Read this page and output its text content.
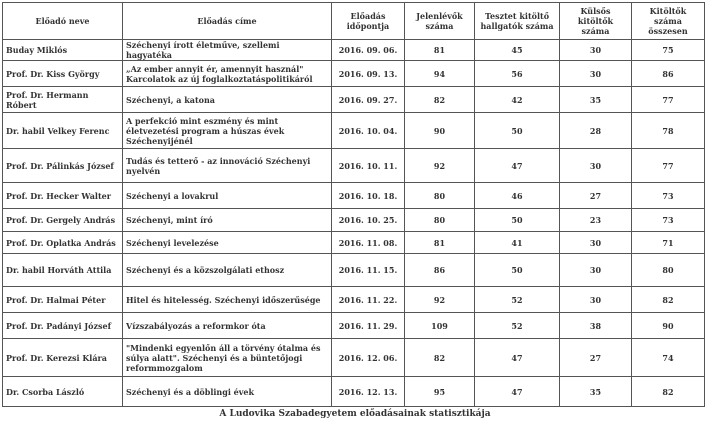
Előadó neve	Előadás címe	Előadás időpontja	Jelenlévők száma	Tesztet kitöltő hallgatók száma	Külsős kitöltők száma	Kitöltők száma összesen
Buday Miklós	Széchenyi írott életműve, szellemi hagyatéka	2016. 09. 06.	81	45	30	75
Prof. Dr. Kiss György	„Az ember annyit ér, amennyit használ" Karcolatok az új foglalkoztatáspolitikáról	2016. 09. 13.	94	56	30	86
Prof. Dr. Hermann Róbert	Széchenyi, a katona	2016. 09. 27.	82	42	35	77
Dr. habil Velkey Ferenc	A perfekció mint eszmény és mint életvezetési program a húszas évek Széchenyijénél	2016. 10. 04.	90	50	28	78
Prof. Dr. Pálinkás József	Tudás és tetterő - az innováció Széchenyi nyelvén	2016. 10. 11.	92	47	30	77
Prof. Dr. Hecker Walter	Széchenyi a lovakrul	2016. 10. 18.	80	46	27	73
Prof. Dr. Gergely András	Széchenyi, mint író	2016. 10. 25.	80	50	23	73
Prof. Dr. Oplatka András	Széchenyi levelezése	2016. 11. 08.	81	41	30	71
Dr. habil Horváth Attila	Széchenyi és a közszolgálati ethosz	2016. 11. 15.	86	50	30	80
Prof. Dr. Halmai Péter	Hitel és hitelesség. Széchenyi időszerűsége	2016. 11. 22.	92	52	30	82
Prof. Dr. Padányi József	Vízszabályozás a reformkor óta	2016. 11. 29.	109	52	38	90
Prof. Dr. Kerezsi Klára	"Mindenki egyenlőn áll a törvény ótalma és súlya alatt". Széchenyi és a büntetőjogi reformmozgalom	2016. 12. 06.	82	47	27	74
Dr. Csorba László	Széchenyi és a döblingi évek	2016. 12. 13.	95	47	35	82
A Ludovika Szabadegyetem előadásainak statisztikája
